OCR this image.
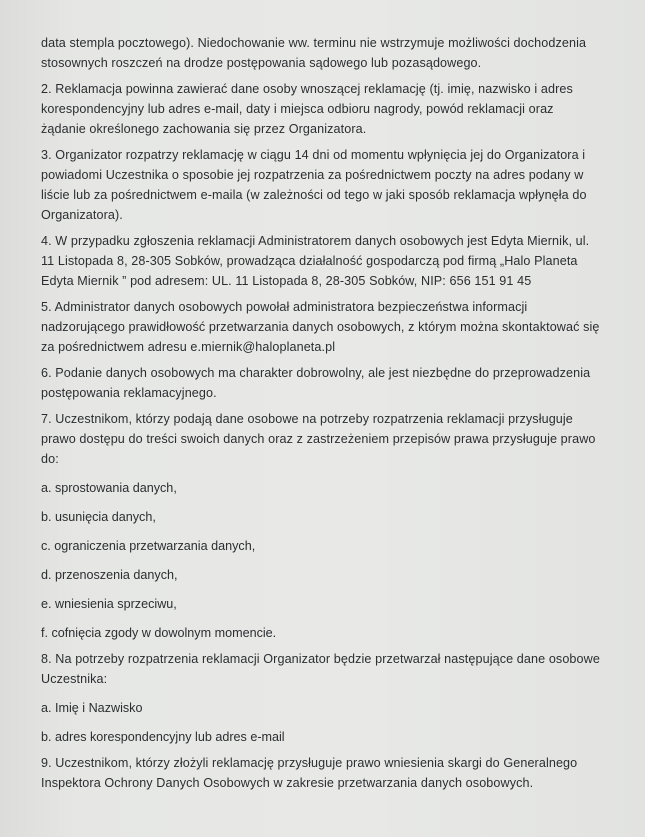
data stempla pocztowego). Niedochowanie ww. terminu nie wstrzymuje możliwości dochodzenia stosownych roszczeń na drodze postępowania sądowego lub pozasądowego.

2. Reklamacja powinna zawierać dane osoby wnoszącej reklamację (tj. imię, nazwisko i adres korespondencyjny lub adres e-mail, daty i miejsca odbioru nagrody, powód reklamacji oraz żądanie określonego zachowania się przez Organizatora.

3. Organizator rozpatrzy reklamację w ciągu 14 dni od momentu wpłynięcia jej do Organizatora i powiadomi Uczestnika o sposobie jej rozpatrzenia za pośrednictwem poczty na adres podany w liście lub za pośrednictwem e-maila (w zależności od tego w jaki sposób reklamacja wpłynęła do Organizatora).

4. W przypadku zgłoszenia reklamacji Administratorem danych osobowych jest Edyta Miernik, ul. 11 Listopada 8, 28-305 Sobków, prowadząca działalność gospodarczą pod firmą „Halo Planeta Edyta Miernik ” pod adresem: UL. 11 Listopada 8, 28-305 Sobków, NIP: 656 151 91 45

5. Administrator danych osobowych powołał administratora bezpieczeństwa informacji nadzorującego prawidłowość przetwarzania danych osobowych, z którym można skontaktować się za pośrednictwem adresu e.miernik@haloplaneta.pl

6. Podanie danych osobowych ma charakter dobrowolny, ale jest niezbędne do przeprowadzenia postępowania reklamacyjnego.

7. Uczestnikom, którzy podają dane osobowe na potrzeby rozpatrzenia reklamacji przysługuje prawo dostępu do treści swoich danych oraz z zastrzeżeniem przepisów prawa przysługuje prawo do:

a. sprostowania danych,
b. usunięcia danych,
c. ograniczenia przetwarzania danych,
d. przenoszenia danych,
e. wniesienia sprzeciwu,
f. cofnięcia zgody w dowolnym momencie.

8. Na potrzeby rozpatrzenia reklamacji Organizator będzie przetwarzał następujące dane osobowe Uczestnika:

a. Imię i Nazwisko
b. adres korespondencyjny lub adres e-mail

9. Uczestnikom, którzy złożyli reklamację przysługuje prawo wniesienia skargi do Generalnego Inspektora Ochrony Danych Osobowych w zakresie przetwarzania danych osobowych.
